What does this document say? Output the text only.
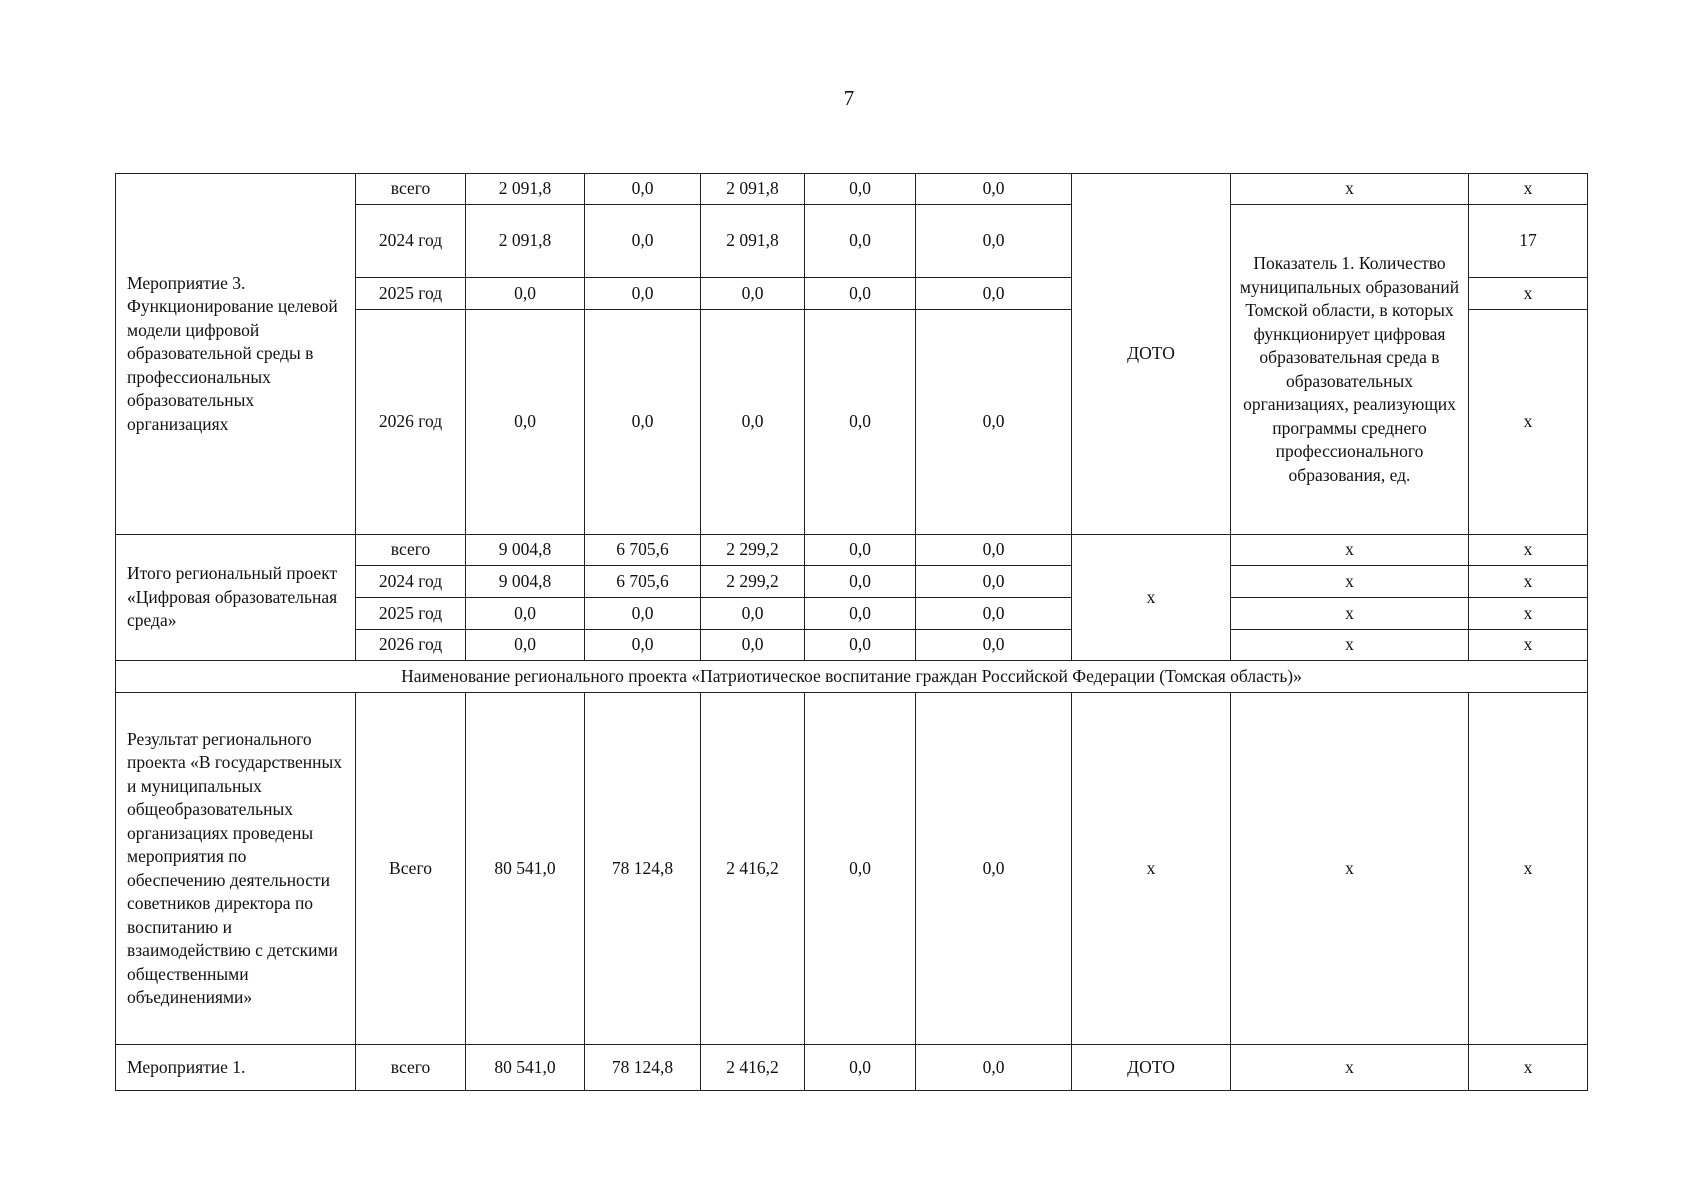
7
Мероприятие 3. Функционирование целевой модели цифровой образовательной среды в профессиональных образовательных организациях	всего	2 091,8	0,0	2 091,8	0,0	0,0	ДОТО	х	х
	2024 год	2 091,8	0,0	2 091,8	0,0	0,0		Показатель 1. Количество муниципальных образований Томской области, в которых функционирует цифровая образовательная среда в образовательных организациях, реализующих программы среднего профессионального образования, ед.	17
	2025 год	0,0	0,0	0,0	0,0	0,0			х
	2026 год	0,0	0,0	0,0	0,0	0,0			х
Итого региональный проект «Цифровая образовательная среда»	всего	9 004,8	6 705,6	2 299,2	0,0	0,0	х	х	х
	2024 год	9 004,8	6 705,6	2 299,2	0,0	0,0		х	х
	2025 год	0,0	0,0	0,0	0,0	0,0		х	х
	2026 год	0,0	0,0	0,0	0,0	0,0		х	х
Наименование регионального проекта «Патриотическое воспитание граждан Российской Федерации (Томская область)»									
Результат регионального проекта «В государственных и муниципальных общеобразовательных организациях проведены мероприятия по обеспечению деятельности советников директора по воспитанию и взаимодействию с детскими общественными объединениями»	Всего	80 541,0	78 124,8	2 416,2	0,0	0,0	х	х	х
Мероприятие 1.	всего	80 541,0	78 124,8	2 416,2	0,0	0,0	ДОТО	х	х
